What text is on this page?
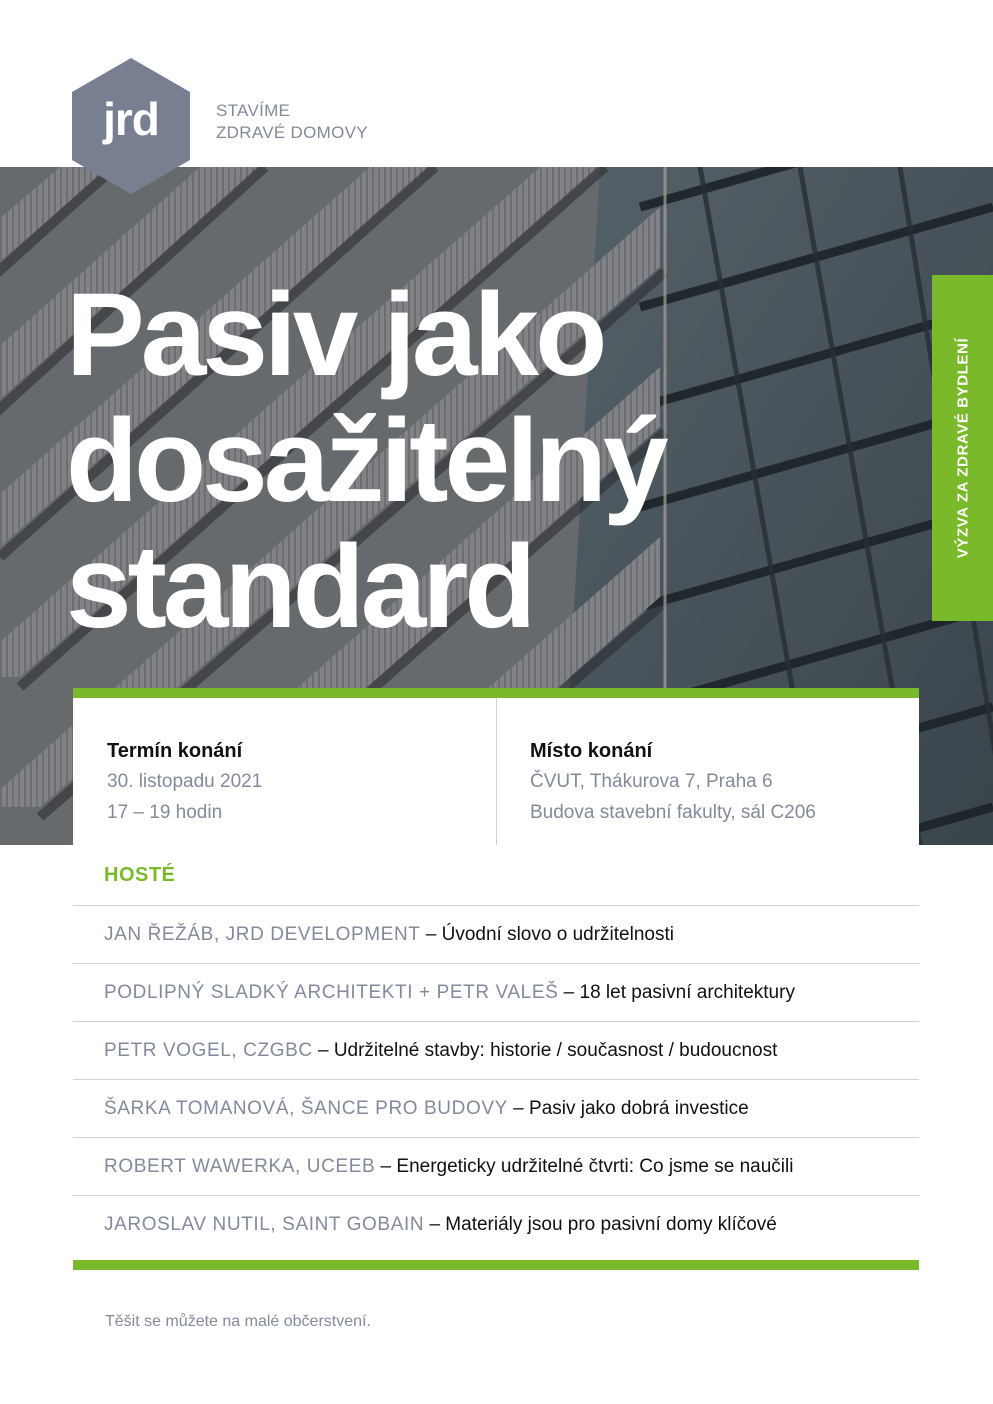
jrd	STAVÍME
ZDRAVÉ DOMOVY
Pasiv jako
dosažitelný
standard
VÝZVA ZA ZDRAVÉ BYDLENÍ
Termín konání
30. listopadu 2021
17 – 19 hodin
Místo konání
ČVUT, Thákurova 7, Praha 6
Budova stavební fakulty, sál C206
HOSTÉ
JAN ŘEŽÁB, JRD DEVELOPMENT – Úvodní slovo o udržitelnosti
PODLIPNÝ SLADKÝ ARCHITEKTI + PETR VALEŠ – 18 let pasivní architektury
PETR VOGEL, CZGBC – Udržitelné stavby: historie / současnost / budoucnost
ŠARKA TOMANOVÁ, ŠANCE PRO BUDOVY – Pasiv jako dobrá investice
ROBERT WAWERKA, UCEEB – Energeticky udržitelné čtvrti: Co jsme se naučili
JAROSLAV NUTIL, SAINT GOBAIN – Materiály jsou pro pasivní domy klíčové
Těšit se můžete na malé občerstvení.
